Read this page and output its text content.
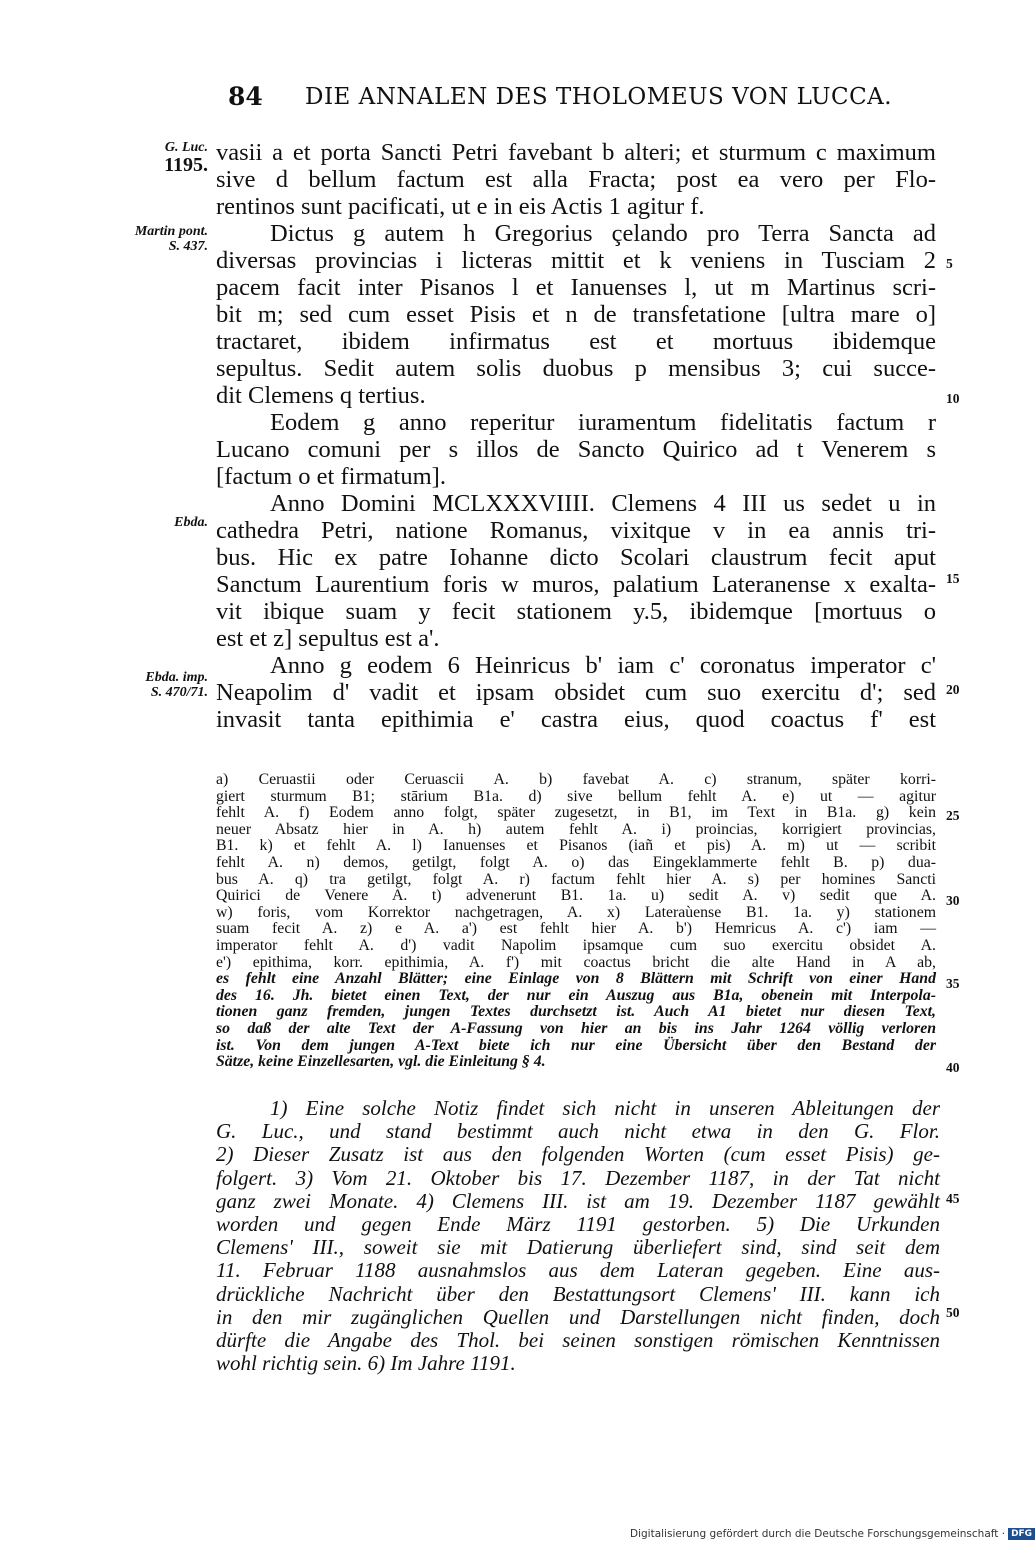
84 DIE ANNALEN DES THOLOMEUS VON LUCCA.
G. Luc.
1195.
Martin pont.
S. 437.
Ebda.
Ebda. imp.
S. 470/71.
vasii a et porta Sancti Petri favebant b alteri; et sturmum c maximum
sive d bellum factum est alla Fracta; post ea vero per Flo-
rentinos sunt pacificati, ut e in eis Actis 1 agitur f.
Dictus g autem h Gregorius çelando pro Terra Sancta ad
diversas provincias i licteras mittit et k veniens in Tusciam 2
pacem facit inter Pisanos l et Ianuenses l, ut m Martinus scri-
bit m; sed cum esset Pisis et n de transfetatione [ultra mare o]
tractaret, ibidem infirmatus est et mortuus ibidemque
sepultus. Sedit autem solis duobus p mensibus 3; cui succe-
dit Clemens q tertius.
Eodem g anno reperitur iuramentum fidelitatis factum r
Lucano comuni per s illos de Sancto Quirico ad t Venerem s
[factum o et firmatum].
Anno Domini MCLXXXVIIII. Clemens 4 III us sedet u in
cathedra Petri, natione Romanus, vixitque v in ea annis tri-
bus. Hic ex patre Iohanne dicto Scolari claustrum fecit aput
Sanctum Laurentium foris w muros, palatium Lateranense x exalta-
vit ibique suam y fecit stationem y.5, ibidemque [mortuus o
est et z] sepultus est a'.
Anno g eodem 6 Heinricus b' iam c' coronatus imperator c'
Neapolim d' vadit et ipsam obsidet cum suo exercitu d'; sed
invasit tanta epithimia e' castra eius, quod coactus f' est
5
10
15
20
25
30
35
40
45
50
a) Ceruastii oder Ceruascii A. b) favebat A. c) stranum, später korri-
giert sturmum B1; stārium B1a. d) sive bellum fehlt A. e) ut — agitur
fehlt A. f) Eodem anno folgt, später zugesetzt, in B1, im Text in B1a. g) kein
neuer Absatz hier in A. h) autem fehlt A. i) proincias, korrigiert provincias,
B1. k) et fehlt A. l) Ianuenses et Pisanos (iañ et pis) A. m) ut — scribit
fehlt A. n) demos, getilgt, folgt A. o) das Eingeklammerte fehlt B. p) dua-
bus A. q) tra getilgt, folgt A. r) factum fehlt hier A. s) per homines Sancti
Quirici de Venere A. t) advenerunt B1. 1a. u) sedit A. v) sedit que A.
w) foris, vom Korrektor nachgetragen, A. x) Lateraùense B1. 1a. y) stationem
suam fecit A. z) e A. a') est fehlt hier A. b') Hemricus A. c') iam —
imperator fehlt A. d') vadit Napolim ipsamque cum suo exercitu obsidet A.
e') epithima, korr. epithimia, A. f') mit coactus bricht die alte Hand in A ab,
es fehlt eine Anzahl Blätter; eine Einlage von 8 Blättern mit Schrift von einer Hand
des 16. Jh. bietet einen Text, der nur ein Auszug aus B1a, obenein mit Interpola-
tionen ganz fremden, jungen Textes durchsetzt ist. Auch A1 bietet nur diesen Text,
so daß der alte Text der A-Fassung von hier an bis ins Jahr 1264 völlig verloren
ist. Von dem jungen A-Text biete ich nur eine Übersicht über den Bestand der
Sätze, keine Einzellesarten, vgl. die Einleitung § 4.
1) Eine solche Notiz findet sich nicht in unseren Ableitungen der
G. Luc., und stand bestimmt auch nicht etwa in den G. Flor.
2) Dieser Zusatz ist aus den folgenden Worten (cum esset Pisis) ge-
folgert. 3) Vom 21. Oktober bis 17. Dezember 1187, in der Tat nicht
ganz zwei Monate. 4) Clemens III. ist am 19. Dezember 1187 gewählt
worden und gegen Ende März 1191 gestorben. 5) Die Urkunden
Clemens' III., soweit sie mit Datierung überliefert sind, sind seit dem
11. Februar 1188 ausnahmslos aus dem Lateran gegeben. Eine aus-
drückliche Nachricht über den Bestattungsort Clemens' III. kann ich
in den mir zugänglichen Quellen und Darstellungen nicht finden, doch
dürfte die Angabe des Thol. bei seinen sonstigen römischen Kenntnissen
wohl richtig sein. 6) Im Jahre 1191.
Digitalisierung gefördert durch die Deutsche Forschungsgemeinschaft · DFG
